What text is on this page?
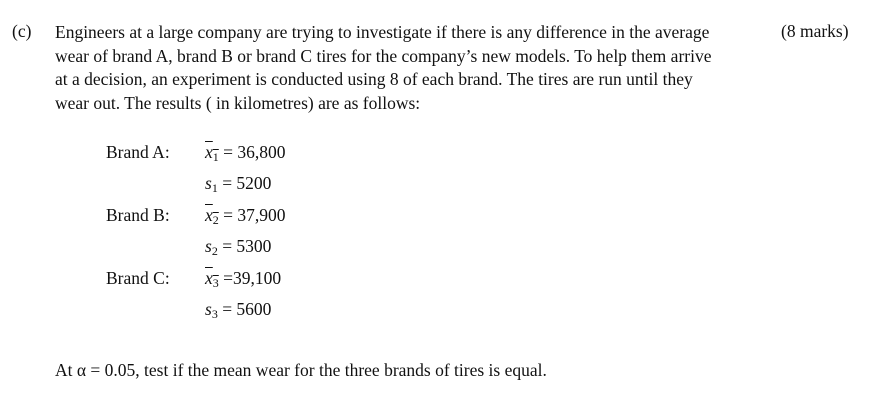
(c) Engineers at a large company are trying to investigate if there is any difference in the average
wear of brand A, brand B or brand C tires for the company’s new models. To help them arrive
at a decision, an experiment is conducted using 8 of each brand. The tires are run until they
wear out. The results ( in kilometres) are as follows:
(8 marks)
Brand A: $x_1 = 36,800$
$s_1 = 5200$
Brand B: $x_2 = 37,900$
$s_2 = 5300$
Brand C: $x_3 =39,100$
$s_3 = 5600$
At α = 0.05, test if the mean wear for the three brands of tires is equal.
